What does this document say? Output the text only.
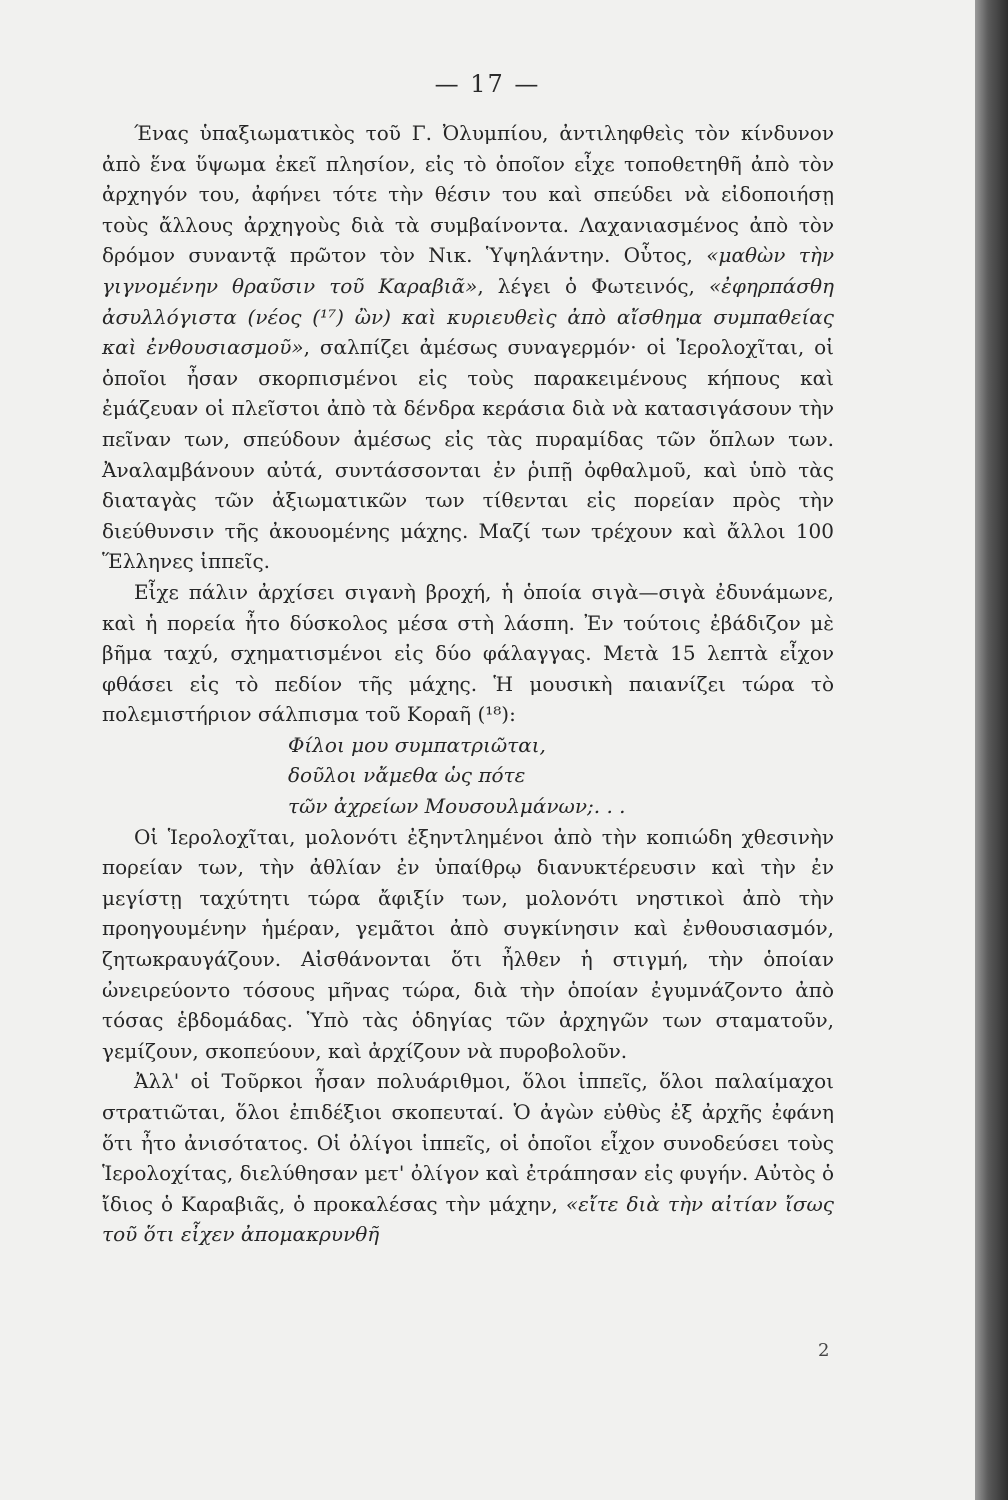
— 17 —

Ένας ὑπαξιωματικὸς τοῦ Γ. Ὀλυμπίου, ἀντιληφθεὶς τὸν κίνδυνον ἀπὸ ἕνα ὕψωμα ἐκεῖ πλησίον, εἰς τὸ ὁποῖον εἶχε τοποθετηθῆ ἀπὸ τὸν ἀρχηγόν του, ἀφήνει τότε τὴν θέσιν του καὶ σπεύδει νὰ εἰδοποιήσῃ τοὺς ἄλλους ἀρχηγοὺς διὰ τὰ συμβαίνοντα. Λαχανιασμένος ἀπὸ τὸν δρόμον συναντᾷ πρῶτον τὸν Νικ. Ὑψηλάντην. Οὗτος, «μαθὼν τὴν γιγνομένην θραῦσιν τοῦ Καραβιᾶ», λέγει ὁ Φωτεινός, «ἐφηρπάσθη ἀσυλλόγιστα (νέος (¹⁷) ὢν) καὶ κυριευθεὶς ἀπὸ αἴσθημα συμπαθείας καὶ ἐνθουσιασμοῦ», σαλπίζει ἀμέσως συναγερμόν· οἱ Ἱερολοχῖται, οἱ ὁποῖοι ἦσαν σκορπισμένοι εἰς τοὺς παρακειμένους κήπους καὶ ἐμάζευαν οἱ πλεῖστοι ἀπὸ τὰ δένδρα κεράσια διὰ νὰ κατασιγάσουν τὴν πεῖναν των, σπεύδουν ἀμέσως εἰς τὰς πυραμίδας τῶν ὅπλων των. Ἀναλαμβάνουν αὐτά, συντάσσονται ἐν ῥιπῇ ὀφθαλμοῦ, καὶ ὑπὸ τὰς διαταγὰς τῶν ἀξιωματικῶν των τίθενται εἰς πορείαν πρὸς τὴν διεύθυνσιν τῆς ἀκουομένης μάχης. Μαζί των τρέχουν καὶ ἄλλοι 100 Ἕλληνες ἱππεῖς.

Εἶχε πάλιν ἀρχίσει σιγανὴ βροχή, ἡ ὁποία σιγὰ—σιγὰ ἐδυνάμωνε, καὶ ἡ πορεία ἦτο δύσκολος μέσα στὴ λάσπη. Ἐν τούτοις ἐβάδιζον μὲ βῆμα ταχύ, σχηματισμένοι εἰς δύο φάλαγγας. Μετὰ 15 λεπτὰ εἶχον φθάσει εἰς τὸ πεδίον τῆς μάχης. Ἡ μουσικὴ παιανίζει τώρα τὸ πολεμιστήριον σάλπισμα τοῦ Κοραῆ (¹⁸):

Φίλοι μου συμπατριῶται,
δοῦλοι νἄμεθα ὡς πότε
τῶν ἀχρείων Μουσουλμάνων;. . .

Οἱ Ἱερολοχῖται, μολονότι ἐξηντλημένοι ἀπὸ τὴν κοπιώδη χθεσινὴν πορείαν των, τὴν ἀθλίαν ἐν ὑπαίθρῳ διανυκτέρευσιν καὶ τὴν ἐν μεγίστῃ ταχύτητι τώρα ἄφιξίν των, μολονότι νηστικοὶ ἀπὸ τὴν προηγουμένην ἡμέραν, γεμᾶτοι ἀπὸ συγκίνησιν καὶ ἐνθουσιασμόν, ζητωκραυγάζουν. Αἰσθάνονται ὅτι ἦλθεν ἡ στιγμή, τὴν ὁποίαν ὠνειρεύοντο τόσους μῆνας τώρα, διὰ τὴν ὁποίαν ἐγυμνάζοντο ἀπὸ τόσας ἑβδομάδας. Ὑπὸ τὰς ὁδηγίας τῶν ἀρχηγῶν των σταματοῦν, γεμίζουν, σκοπεύουν, καὶ ἀρχίζουν νὰ πυροβολοῦν.

Ἀλλ' οἱ Τοῦρκοι ἦσαν πολυάριθμοι, ὅλοι ἱππεῖς, ὅλοι παλαίμαχοι στρατιῶται, ὅλοι ἐπιδέξιοι σκοπευταί. Ὁ ἀγὼν εὐθὺς ἐξ ἀρχῆς ἐφάνη ὅτι ἦτο ἀνισότατος. Οἱ ὀλίγοι ἱππεῖς, οἱ ὁποῖοι εἶχον συνοδεύσει τοὺς Ἱερολοχίτας, διελύθησαν μετ' ὀλίγον καὶ ἐτράπησαν εἰς φυγήν. Αὐτὸς ὁ ἴδιος ὁ Καραβιᾶς, ὁ προκαλέσας τὴν μάχην, «εἴτε διὰ τὴν αἰτίαν ἴσως τοῦ ὅτι εἶχεν ἀπομακρυνθῆ

2
